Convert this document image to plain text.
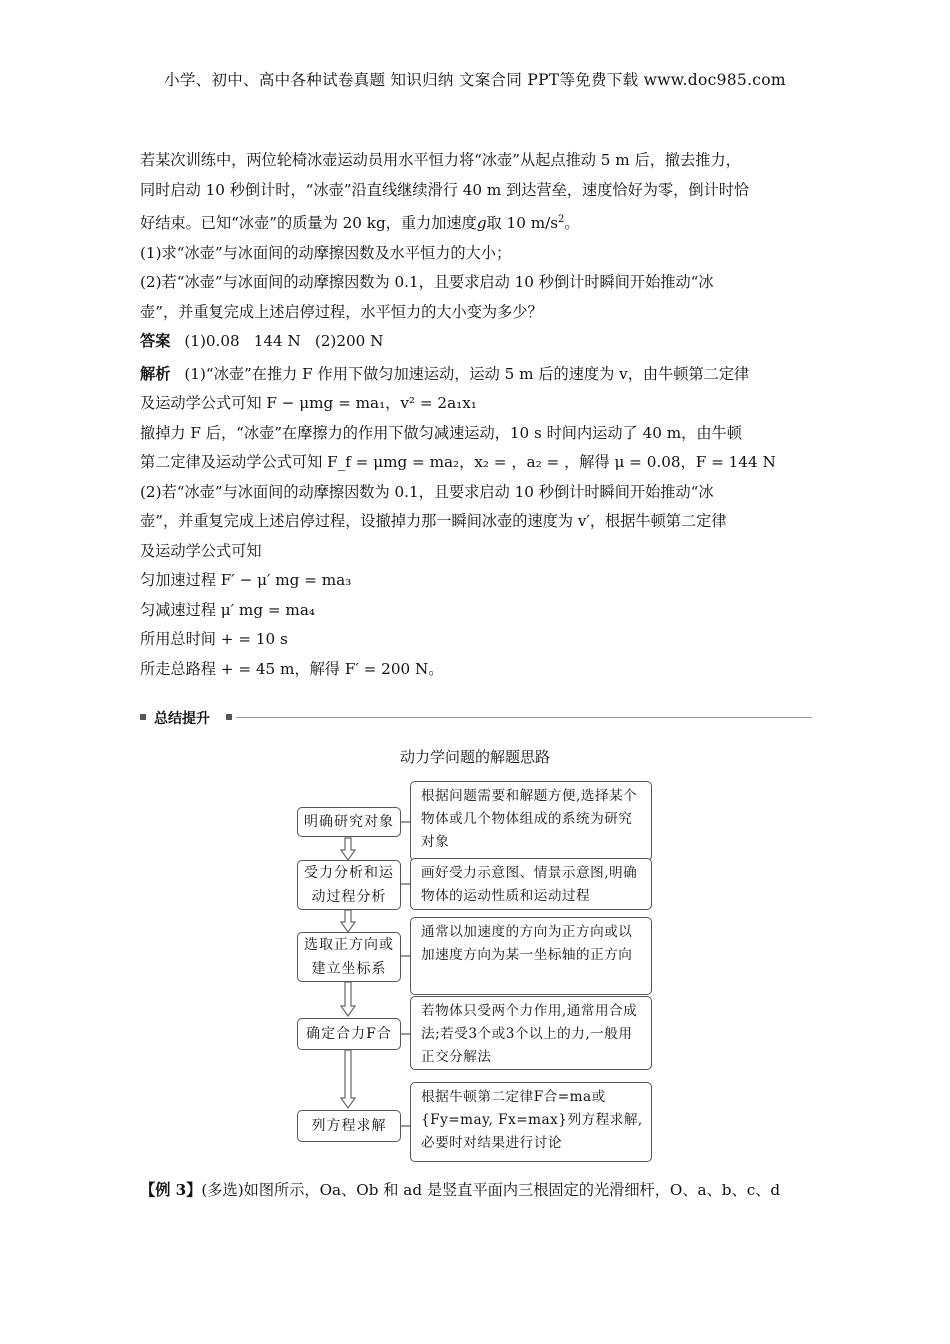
小学、初中、高中各种试卷真题 知识归纳 文案合同 PPT等免费下载 www.doc985.com

若某次训练中，两位轮椅冰壶运动员用水平恒力将“冰壶”从起点推动 5 m 后，撤去推力，

同时启动 10 秒倒计时，“冰壶”沿直线继续滑行 40 m 到达营垒，速度恰好为零，倒计时恰

好结束。已知“冰壶”的质量为 20 kg，重力加速度g取 10 $m/s^2$。

(1)求“冰壶”与冰面间的动摩擦因数及水平恒力的大小；

(2)若“冰壶”与冰面间的动摩擦因数为 0.1，且要求启动 10 秒倒计时瞬间开始推动“冰

壶”，并重复完成上述启停过程，水平恒力的大小变为多少？

答案 (1)0.08 144 N (2)200 N

解析 (1)“冰壶”在推力 F 作用下做匀加速运动，运动 5 m 后的速度为 v，由牛顿第二定律

及运动学公式可知 F − μmg = ma₁，v² = 2a₁x₁

撤掉力 F 后，“冰壶”在摩擦力的作用下做匀减速运动，10 s 时间内运动了 40 m，由牛顿

第二定律及运动学公式可知 F_f = μmg = ma₂，x₂ = ，a₂ = ，解得 μ = 0.08，F = 144 N

(2)若“冰壶”与冰面间的动摩擦因数为 0.1，且要求启动 10 秒倒计时瞬间开始推动“冰

壶”，并重复完成上述启停过程，设撤掉力那一瞬间冰壶的速度为 v′，根据牛顿第二定律

及运动学公式可知

匀加速过程 F′ − μ′ mg = ma₃

匀减速过程 μ′ mg = ma₄

所用总时间 + = 10 s

所走总路程 + = 45 m，解得 F′ = 200 N。

总结提升
动力学问题的解题思路
明确研究对象
根据问题需要和解题方便,选择某个物体或几个物体组成的系统为研究对象
受力分析和运动过程分析
画好受力示意图、情景示意图,明确物体的运动性质和运动过程
选取正方向或建立坐标系
通常以加速度的方向为正方向或以加速度方向为某一坐标轴的正方向
确定合力F合
若物体只受两个力作用,通常用合成法;若受3个或3个以上的力,一般用正交分解法
列方程求解
根据牛顿第二定律F合=ma或{Fy=may, Fx=max}列方程求解,必要时对结果进行讨论
【例 3】(多选)如图所示，Oa、Ob 和 ad 是竖直平面内三根固定的光滑细杆，O、a、b、c、d
